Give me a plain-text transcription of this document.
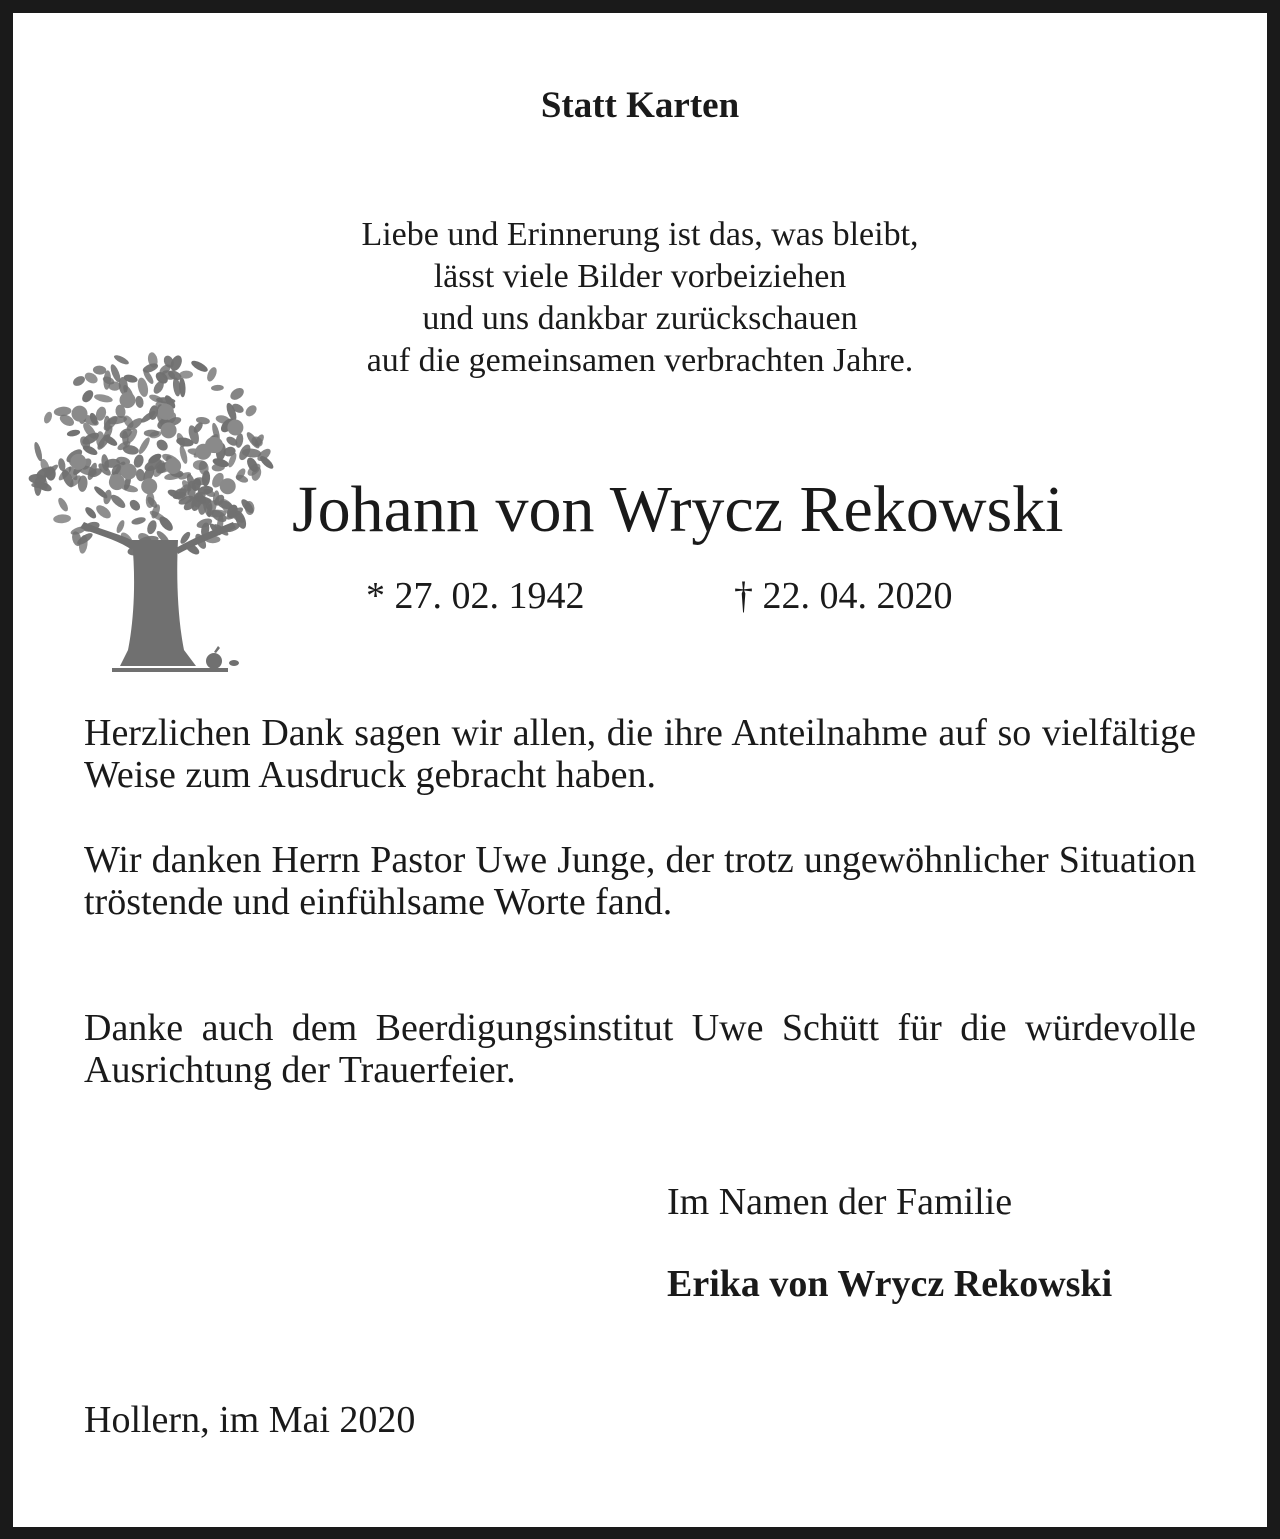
Statt Karten
Liebe und Erinnerung ist das, was bleibt,
lässt viele Bilder vorbeiziehen
und uns dankbar zurückschauen
auf die gemeinsamen verbrachten Jahre.
Johann von Wrycz Rekowski
* 27. 02. 1942	† 22. 04. 2020
Herzlichen Dank sagen wir allen, die ihre Anteilnahme auf so vielfältige Weise zum Ausdruck gebracht haben.
Wir danken Herrn Pastor Uwe Junge, der trotz ungewöhnlicher Situation tröstende und einfühlsame Worte fand.
Danke auch dem Beerdigungsinstitut Uwe Schütt für die würdevolle Ausrichtung der Trauerfeier.
Im Namen der Familie
Erika von Wrycz Rekowski
Hollern, im Mai 2020
